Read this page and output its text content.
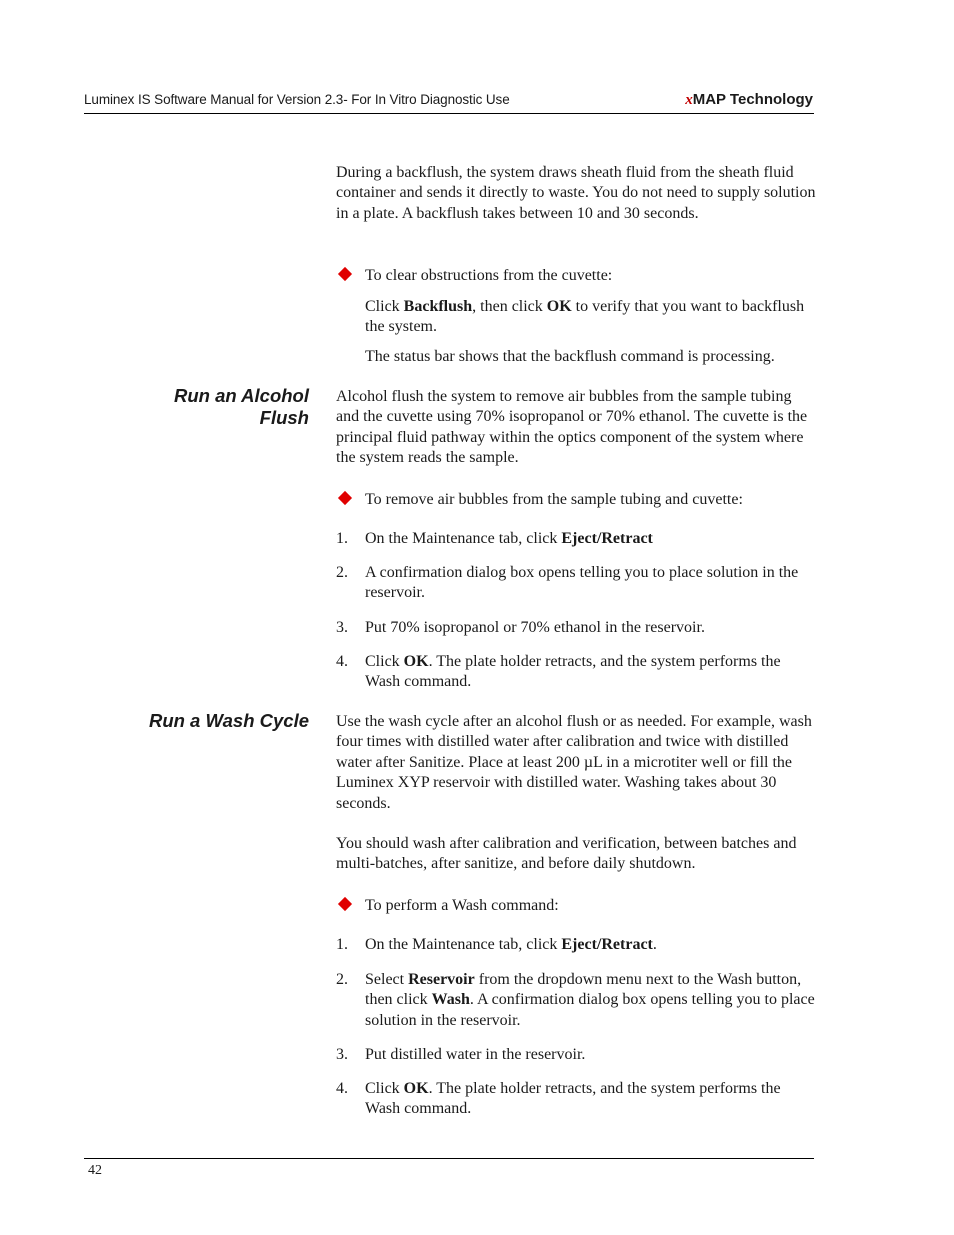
Luminex IS Software Manual for Version 2.3- For In Vitro Diagnostic Use	xMAP Technology

During a backflush, the system draws sheath fluid from the sheath fluid container and sends it directly to waste. You do not need to supply solution in a plate. A backflush takes between 10 and 30 seconds.

To clear obstructions from the cuvette:

Click Backflush, then click OK to verify that you want to backflush the system.

The status bar shows that the backflush command is processing.

Run an Alcohol
Flush

Alcohol flush the system to remove air bubbles from the sample tubing and the cuvette using 70% isopropanol or 70% ethanol. The cuvette is the principal fluid pathway within the optics component of the system where the system reads the sample.

To remove air bubbles from the sample tubing and cuvette:

1. On the Maintenance tab, click Eject/Retract

2. A confirmation dialog box opens telling you to place solution in the reservoir.

3. Put 70% isopropanol or 70% ethanol in the reservoir.

4. Click OK. The plate holder retracts, and the system performs the Wash command.

Run a Wash Cycle Use the wash cycle after an alcohol flush or as needed. For example, wash four times with distilled water after calibration and twice with distilled water after Sanitize. Place at least 200 µL in a microtiter well or fill the Luminex XYP reservoir with distilled water. Washing takes about 30 seconds.

You should wash after calibration and verification, between batches and multi-batches, after sanitize, and before daily shutdown.

To perform a Wash command:

1. On the Maintenance tab, click Eject/Retract.

2. Select Reservoir from the dropdown menu next to the Wash button, then click Wash. A confirmation dialog box opens telling you to place solution in the reservoir.

3. Put distilled water in the reservoir.

4. Click OK. The plate holder retracts, and the system performs the Wash command.

42
